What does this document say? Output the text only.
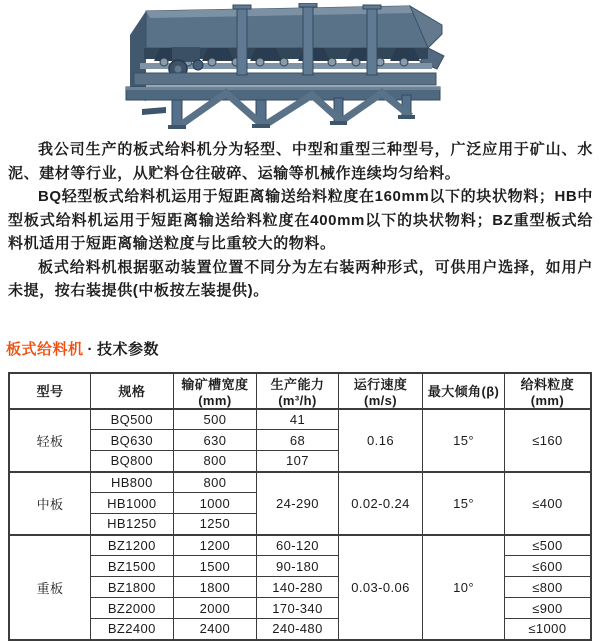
我公司生产的板式给料机分为轻型、中型和重型三种型号，广泛应用于矿山、水泥、建材等行业，从贮料仓往破碎、运输等机械作连续均匀给料。

BQ轻型板式给料机运用于短距离输送给料粒度在160mm以下的块状物料；HB中型板式给料机运用于短距离输送给料粒度在400mm以下的块状物料；BZ重型板式给料机适用于短距离输送粒度与比重较大的物料。

板式给料机根据驱动装置位置不同分为左右装两种形式，可供用户选择，如用户未提，按右装提供(中板按左装提供)。

板式给料机 · 技术参数
型号	规格	输矿槽宽度(mm)	生产能力(m³/h)	运行速度(m/s)	最大倾角(β)	给料粒度(mm)
轻板	BQ500	500	41	0.16	15°	≤160
	BQ630	630	68			
	BQ800	800	107			
中板	HB800	800	24-290	0.02-0.24	15°	≤400
	HB1000	1000				
	HB1250	1250				
重板	BZ1200	1200	60-120	0.03-0.06	10°	≤500
	BZ1500	1500	90-180			≤600
	BZ1800	1800	140-280			≤800
	BZ2000	2000	170-340			≤900
	BZ2400	2400	240-480			≤1000
